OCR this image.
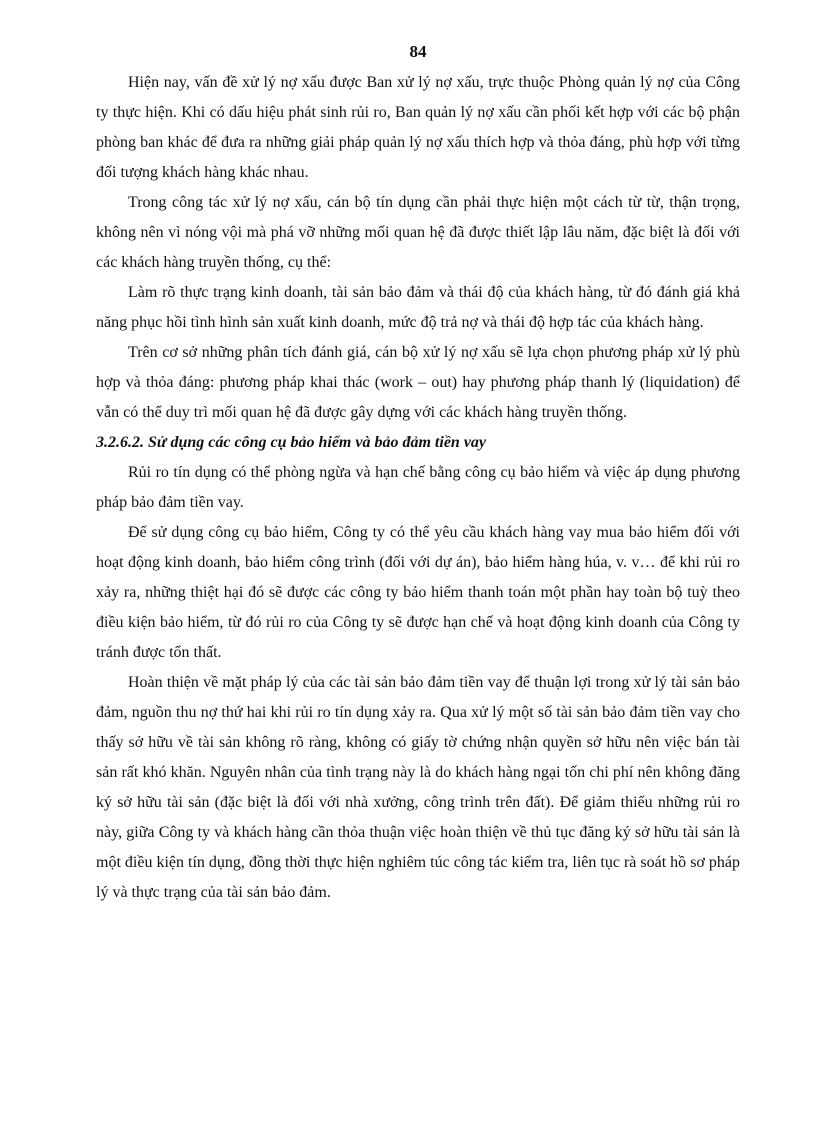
84

Hiện nay, vấn đề xử lý nợ xấu được Ban xử lý nợ xấu, trực thuộc Phòng quản lý nợ của Công ty thực hiện. Khi có dấu hiệu phát sinh rủi ro, Ban quản lý nợ xấu cần phối kết hợp với các bộ phận phòng ban khác để đưa ra những giải pháp quản lý nợ xấu thích hợp và thỏa đáng, phù hợp với từng đối tượng khách hàng khác nhau.

Trong công tác xử lý nợ xấu, cán bộ tín dụng cần phải thực hiện một cách từ từ, thận trọng, không nên vì nóng vội mà phá vỡ những mối quan hệ đã được thiết lập lâu năm, đặc biệt là đối với các khách hàng truyền thống, cụ thể:

Làm rõ thực trạng kinh doanh, tài sản bảo đảm và thái độ của khách hàng, từ đó đánh giá khả năng phục hồi tình hình sản xuất kinh doanh, mức độ trả nợ và thái độ hợp tác của khách hàng.

Trên cơ sở những phân tích đánh giá, cán bộ xử lý nợ xấu sẽ lựa chọn phương pháp xử lý phù hợp và thỏa đáng: phương pháp khai thác (work – out) hay phương pháp thanh lý (liquidation) để vẫn có thể duy trì mối quan hệ đã được gây dựng với các khách hàng truyền thống.

3.2.6.2. Sử dụng các công cụ bảo hiểm và bảo đảm tiền vay

Rủi ro tín dụng có thể phòng ngừa và hạn chế bằng công cụ bảo hiểm và việc áp dụng phương pháp bảo đảm tiền vay.

Để sử dụng công cụ bảo hiểm, Công ty có thể yêu cầu khách hàng vay mua bảo hiểm đối với hoạt động kinh doanh, bảo hiểm công trình (đối với dự án), bảo hiểm hàng húa, v. v… để khi rủi ro xảy ra, những thiệt hại đó sẽ được các công ty bảo hiểm thanh toán một phần hay toàn bộ tuỳ theo điều kiện bảo hiểm, từ đó rủi ro của Công ty sẽ được hạn chế và hoạt động kinh doanh của Công ty tránh được tổn thất.

Hoàn thiện về mặt pháp lý của các tài sản bảo đảm tiền vay để thuận lợi trong xử lý tài sản bảo đảm, nguồn thu nợ thứ hai khi rủi ro tín dụng xảy ra. Qua xử lý một số tài sản bảo đảm tiền vay cho thấy sở hữu về tài sản không rõ ràng, không có giấy tờ chứng nhận quyền sở hữu nên việc bán tài sản rất khó khăn. Nguyên nhân của tình trạng này là do khách hàng ngại tốn chi phí nên không đăng ký sở hữu tài sản (đặc biệt là đối với nhà xưởng, công trình trên đất). Để giảm thiểu những rủi ro này, giữa Công ty và khách hàng cần thỏa thuận việc hoàn thiện về thủ tục đăng ký sở hữu tài sản là một điều kiện tín dụng, đồng thời thực hiện nghiêm túc công tác kiểm tra, liên tục rà soát hồ sơ pháp lý và thực trạng của tài sản bảo đảm.
